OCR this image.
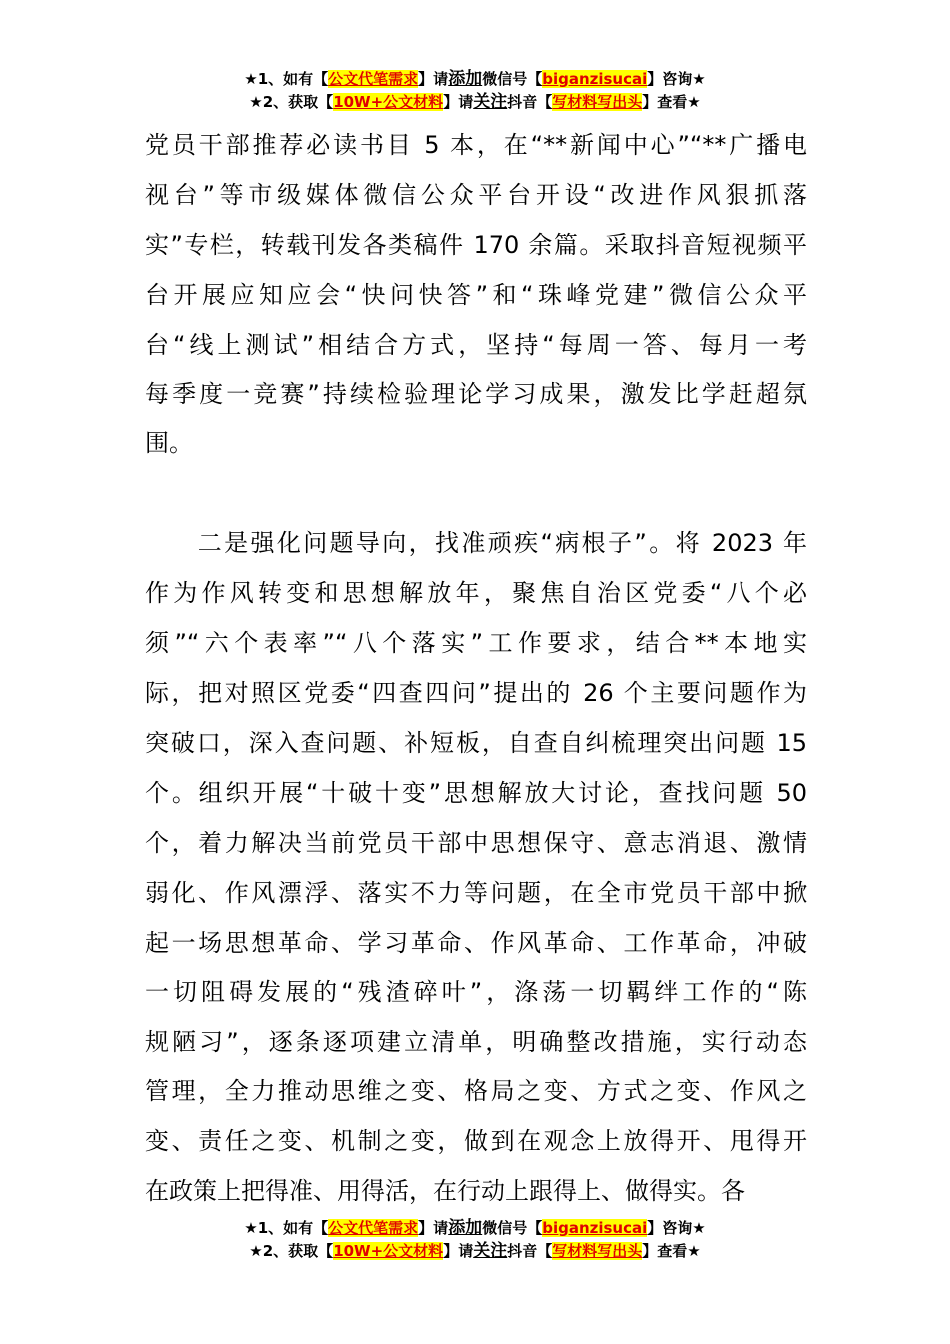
★1、如有【公文代笔需求】请添加微信号【biganzisucai】咨询★
★2、获取【10W+公文材料】请关注抖音【写材料写出头】查看★
党员干部推荐必读书目 5 本，在“**新闻中心”“**广播电
视台”等市级媒体微信公众平台开设“改进作风狠抓落
实”专栏，转载刊发各类稿件 170 余篇。采取抖音短视频平
台开展应知应会“快问快答”和“珠峰党建”微信公众平
台“线上测试”相结合方式，坚持“每周一答、每月一考
每季度一竞赛”持续检验理论学习成果，激发比学赶超氛
围。
　　二是强化问题导向，找准顽疾“病根子”。将 2023 年
作为作风转变和思想解放年，聚焦自治区党委“八个必
须”“六个表率”“八个落实”工作要求，结合**本地实
际，把对照区党委“四查四问”提出的 26 个主要问题作为
突破口，深入查问题、补短板，自查自纠梳理突出问题 15
个。组织开展“十破十变”思想解放大讨论，查找问题 50
个，着力解决当前党员干部中思想保守、意志消退、激情
弱化、作风漂浮、落实不力等问题，在全市党员干部中掀
起一场思想革命、学习革命、作风革命、工作革命，冲破
一切阻碍发展的“残渣碎叶”，涤荡一切羁绊工作的“陈
规陋习”，逐条逐项建立清单，明确整改措施，实行动态
管理，全力推动思维之变、格局之变、方式之变、作风之
变、责任之变、机制之变，做到在观念上放得开、甩得开
在政策上把得准、用得活，在行动上跟得上、做得实。各
★1、如有【公文代笔需求】请添加微信号【biganzisucai】咨询★
★2、获取【10W+公文材料】请关注抖音【写材料写出头】查看★
